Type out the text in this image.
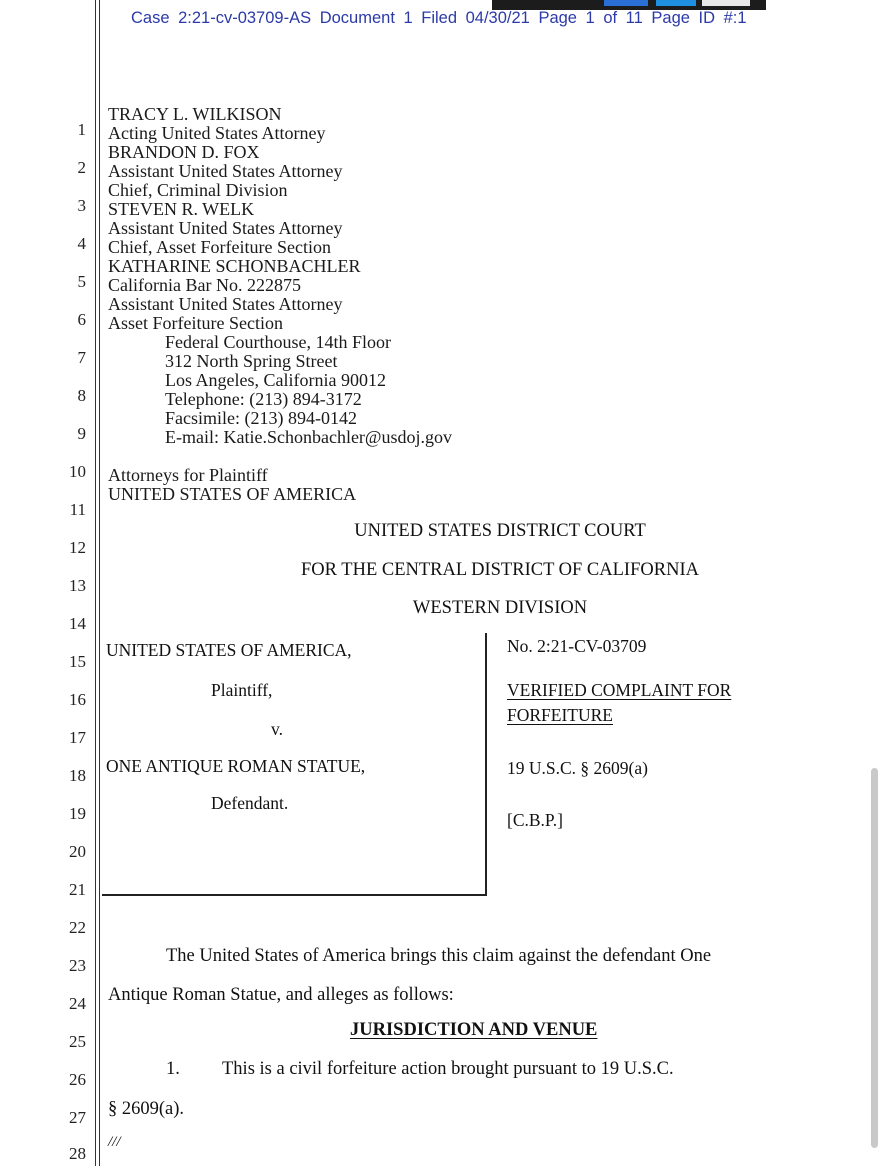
Case 2:21-cv-03709-AS Document 1 Filed 04/30/21 Page 1 of 11 Page ID #:1
1
2
3
4
5
6
7
8
9
10
11
12
13
14
15
16
17
18
19
20
21
22
23
24
25
26
27
28
TRACY L. WILKISON
Acting United States Attorney
BRANDON D. FOX
Assistant United States Attorney
Chief, Criminal Division
STEVEN R. WELK
Assistant United States Attorney
Chief, Asset Forfeiture Section
KATHARINE SCHONBACHLER
California Bar No. 222875
Assistant United States Attorney
Asset Forfeiture Section
Federal Courthouse, 14th Floor
312 North Spring Street
Los Angeles, California 90012
Telephone: (213) 894-3172
Facsimile: (213) 894-0142
E-mail: Katie.Schonbachler@usdoj.gov
Attorneys for Plaintiff
UNITED STATES OF AMERICA
UNITED STATES DISTRICT COURT
FOR THE CENTRAL DISTRICT OF CALIFORNIA
WESTERN DIVISION
UNITED STATES OF AMERICA,
Plaintiff,
v.
ONE ANTIQUE ROMAN STATUE,
Defendant.
No. 2:21-CV-03709
VERIFIED COMPLAINT FOR
FORFEITURE
19 U.S.C. § 2609(a)
[C.B.P.]
The United States of America brings this claim against the defendant One
Antique Roman Statue, and alleges as follows:
JURISDICTION AND VENUE
1. This is a civil forfeiture action brought pursuant to 19 U.S.C.
§ 2609(a).
///
